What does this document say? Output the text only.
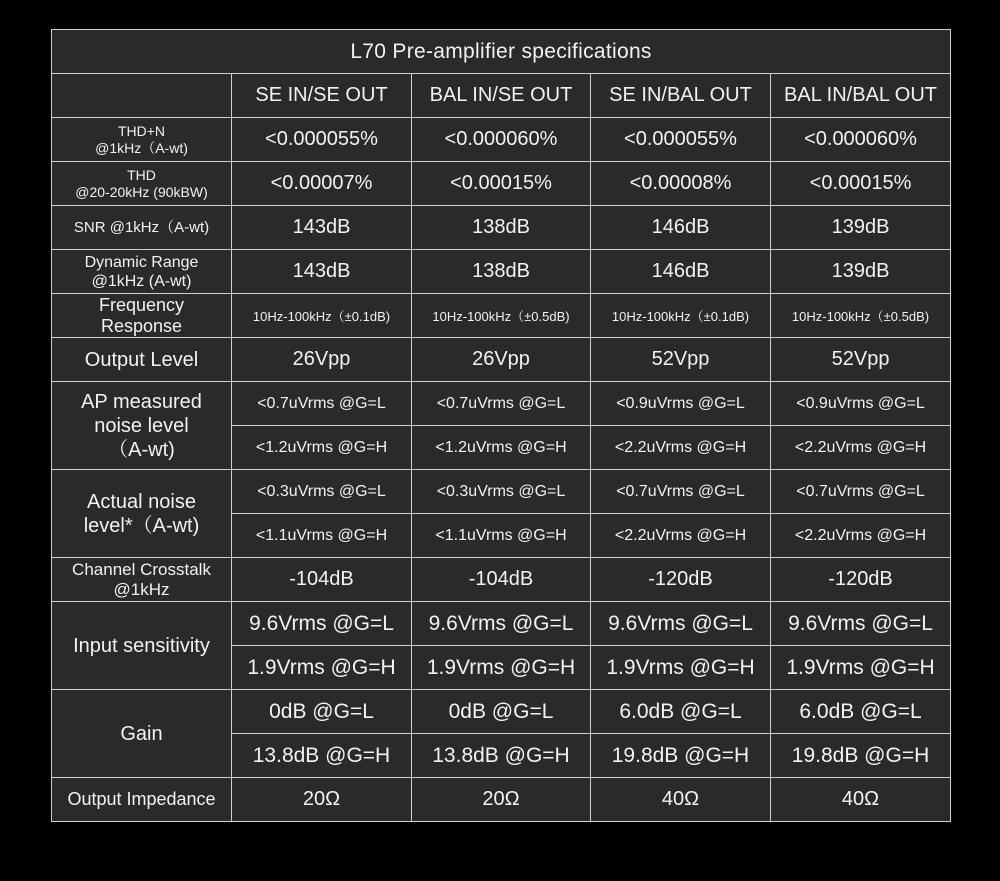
L70 Pre-amplifier specifications				
	SE IN/SE OUT	BAL IN/SE OUT	SE IN/BAL OUT	BAL IN/BAL OUT

THD+N
@1kHz（A-wt)	<0.000055%	<0.000060%	<0.000055%	<0.000060%

THD
@20-20kHz (90kBW)	<0.00007%	<0.00015%	<0.00008%	<0.00015%
SNR @1kHz（A-wt)	143dB	138dB	146dB	139dB

Dynamic Range
@1kHz (A-wt)	143dB	138dB	146dB	139dB

Frequency
Response	10Hz-100kHz（±0.1dB)	10Hz-100kHz（±0.5dB)	10Hz-100kHz（±0.1dB)	10Hz-100kHz（±0.5dB)
Output Level	26Vpp	26Vpp	52Vpp	52Vpp

AP measured
noise level
（A-wt)	<0.7uVrms @G=L	<0.7uVrms @G=L	<0.9uVrms @G=L	<0.9uVrms @G=L
	<1.2uVrms @G=H	<1.2uVrms @G=H	<2.2uVrms @G=H	<2.2uVrms @G=H

Actual noise
level*（A-wt)	<0.3uVrms @G=L	<0.3uVrms @G=L	<0.7uVrms @G=L	<0.7uVrms @G=L
	<1.1uVrms @G=H	<1.1uVrms @G=H	<2.2uVrms @G=H	<2.2uVrms @G=H

Channel Crosstalk
@1kHz	-104dB	-104dB	-120dB	-120dB
Input sensitivity	9.6Vrms @G=L	9.6Vrms @G=L	9.6Vrms @G=L	9.6Vrms @G=L
	1.9Vrms @G=H	1.9Vrms @G=H	1.9Vrms @G=H	1.9Vrms @G=H
Gain	0dB @G=L	0dB @G=L	6.0dB @G=L	6.0dB @G=L
	13.8dB @G=H	13.8dB @G=H	19.8dB @G=H	19.8dB @G=H
Output Impedance	20Ω	20Ω	40Ω	40Ω
